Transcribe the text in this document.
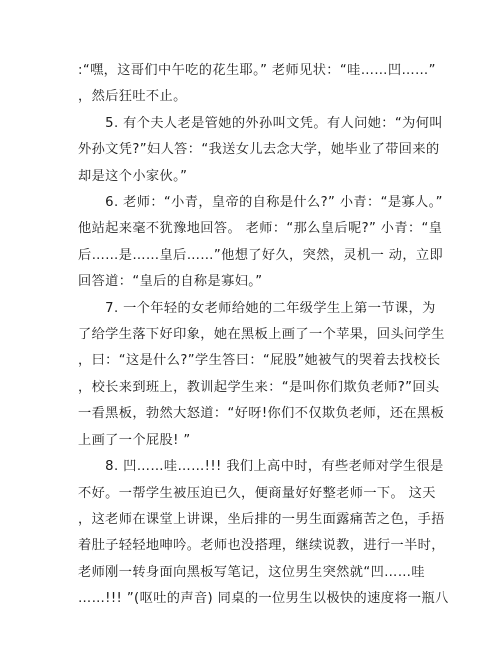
:“嘿，这哥们中午吃的花生耶。” 老师见状：“哇……凹……”
，然后狂吐不止。
　　5. 有个夫人老是管她的外孙叫文凭。有人问她：“为何叫
外孙文凭?”妇人答：“我送女儿去念大学，她毕业了带回来的
却是这个小家伙。”
　　6. 老师：“小青，皇帝的自称是什么?” 小青：“是寡人。”
他站起来毫不犹豫地回答。 老师：“那么皇后呢?” 小青：“皇
后……是……皇后……”他想了好久，突然，灵机一 动，立即
回答道：“皇后的自称是寡妇。”
　　7. 一个年轻的女老师给她的二年级学生上第一节课，为
了给学生落下好印象，她在黑板上画了一个苹果，回头问学生
，曰：“这是什么?”学生答曰：“屁股”她被气的哭着去找校长
，校长来到班上，教训起学生来：“是叫你们欺负老师?”回头
一看黑板，勃然大怒道：“好呀!你们不仅欺负老师，还在黑板
上画了一个屁股! ”
　　8. 凹……哇……!!! 我们上高中时，有些老师对学生很是
不好。一帮学生被压迫已久，便商量好好整老师一下。 这天
，这老师在课堂上讲课，坐后排的一男生面露痛苦之色，手捂
着肚子轻轻地呻吟。老师也没搭理，继续说教，进行一半时，
老师刚一转身面向黑板写笔记，这位男生突然就“凹……哇
……!!! ”(呕吐的声音) 同桌的一位男生以极快的速度将一瓶八
